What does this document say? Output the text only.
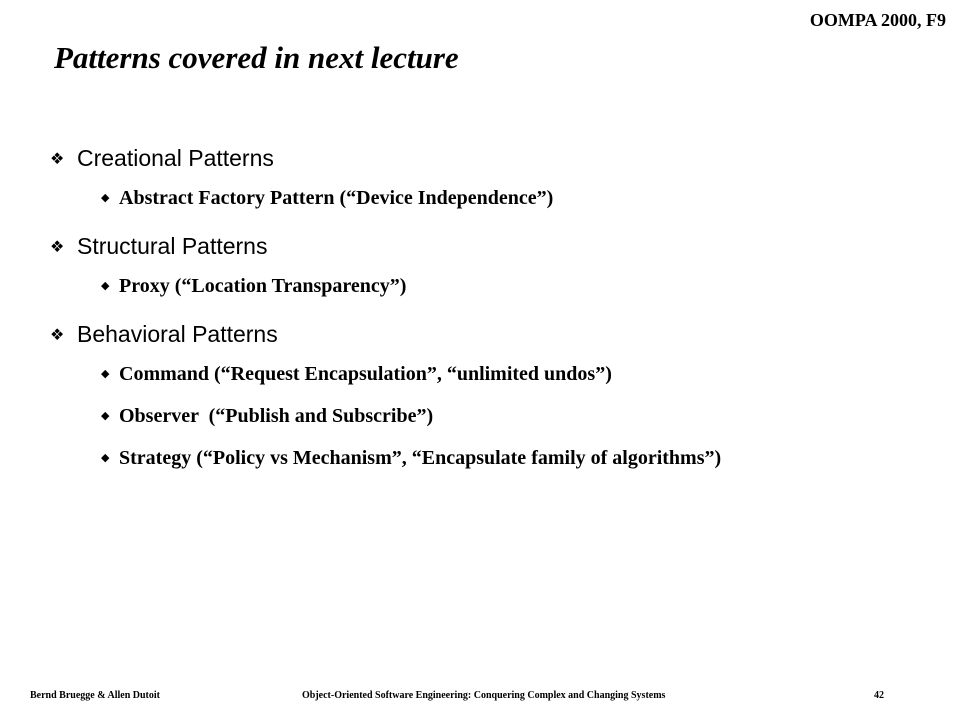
OOMPA 2000, F9
Patterns covered in next lecture
❖ Creational Patterns
◆ Abstract Factory Pattern (“Device Independence”)
❖ Structural Patterns
◆ Proxy (“Location Transparency”)
❖ Behavioral Patterns
◆ Command (“Request Encapsulation”, “unlimited undos”)
◆ Observer  (“Publish and Subscribe”)
◆ Strategy (“Policy vs Mechanism”, “Encapsulate family of algorithms”)
Bernd Bruegge & Allen Dutoit	Object-Oriented Software Engineering: Conquering Complex and Changing Systems	42
